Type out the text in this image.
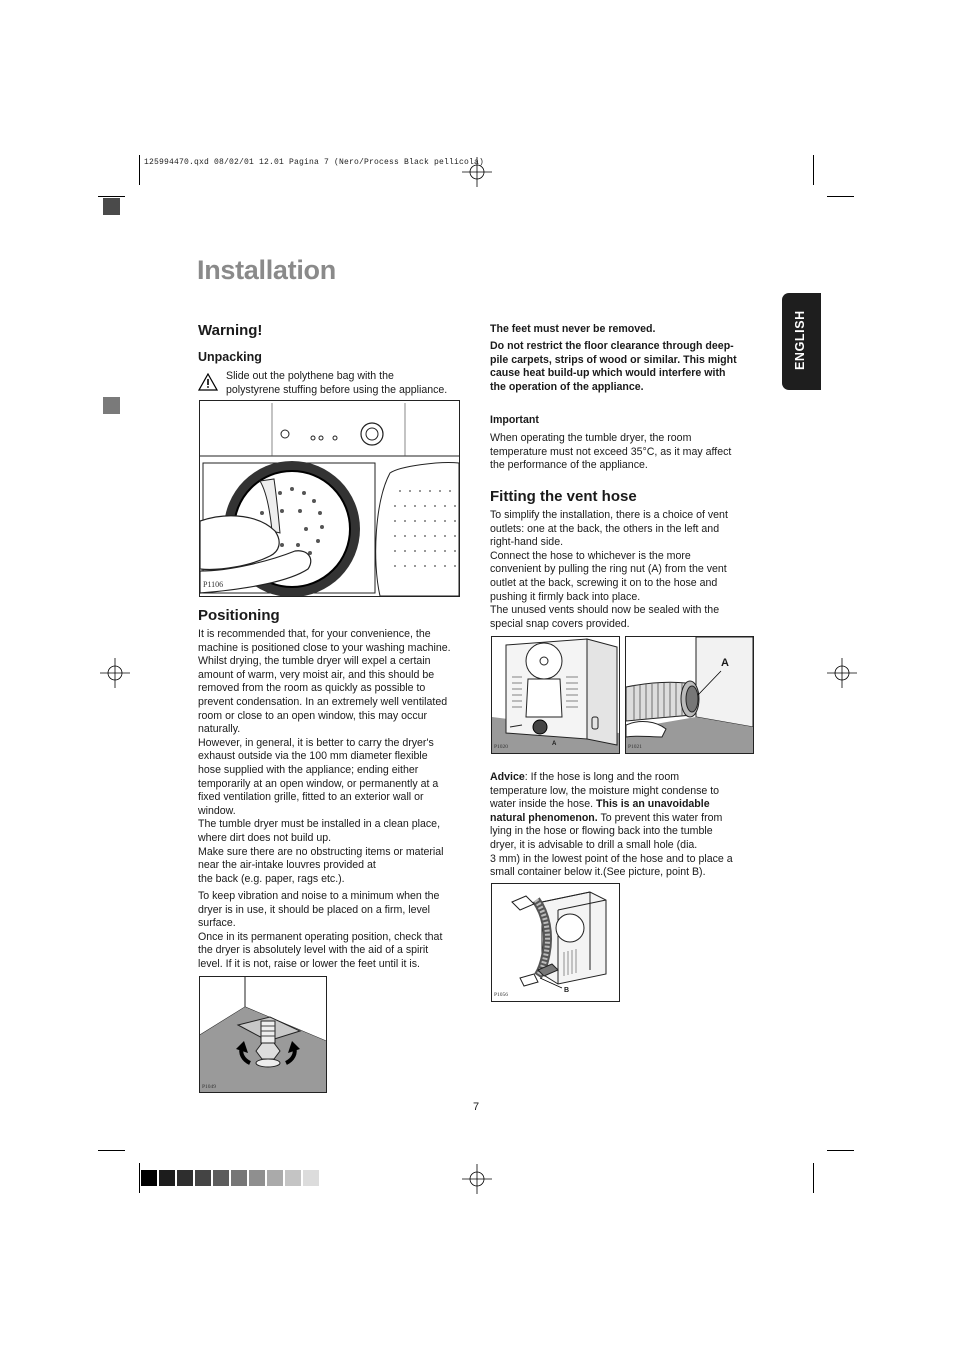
125994470.qxd 08/02/01 12.01 Pagina 7 (Nero/Process Black pellicola)
Installation
ENGLISH
Warning!
Unpacking
Slide out the polythene bag with the
polystyrene stuffing before using the appliance.
P1106
Positioning
It is recommended that, for your convenience, the
machine is positioned close to your washing machine.
Whilst drying, the tumble dryer will expel a certain
amount of warm, very moist air, and this should be
removed from the room as quickly as possible to
prevent condensation. In an extremely well ventilated
room or close to an open window, this may occur
naturally.
However, in general, it is better to carry the dryer's
exhaust outside via the 100 mm diameter flexible
hose supplied with the appliance; ending either
temporarily at an open window, or permanently at a
fixed ventilation grille, fitted to an exterior wall or
window.
The tumble dryer must be installed in a clean place,
where dirt does not build up.
Make sure there are no obstructing items or material
near the air-intake louvres provided at
the back (e.g. paper, rags etc.).
To keep vibration and noise to a minimum when the
dryer is in use, it should be placed on a firm, level
surface.
Once in its permanent operating position, check that
the dryer is absolutely level with the aid of a spirit
level. If it is not, raise or lower the feet until it is.
P1049
The feet must never be removed.
Do not restrict the floor clearance through deep-
pile carpets, strips of wood or similar. This might
cause heat build-up which would interfere with
the operation of the appliance.
Important
When operating the tumble dryer, the room
temperature must not exceed 35°C, as it may affect
the performance of the appliance.
Fitting the vent hose
To simplify the installation, there is a choice of vent
outlets: one at the back, the others in the left and
right-hand side.
Connect the hose to whichever is the more
convenient by pulling the ring nut (A) from the vent
outlet at the back, screwing it on to the hose and
pushing it firmly back into place.
The unused vents should now be sealed with the
special snap covers provided.
P1020	A	P1021
A
Advice: If the hose is long and the room
temperature low, the moisture might condense to
water inside the hose. This is an unavoidable
natural phenomenon. To prevent this water from
lying in the hose or flowing back into the tumble
dryer, it is advisable to drill a small hole (dia.
3 mm) in the lowest point of the hose and to place a
small container below it.(See picture, point B).
P1056
B
7
